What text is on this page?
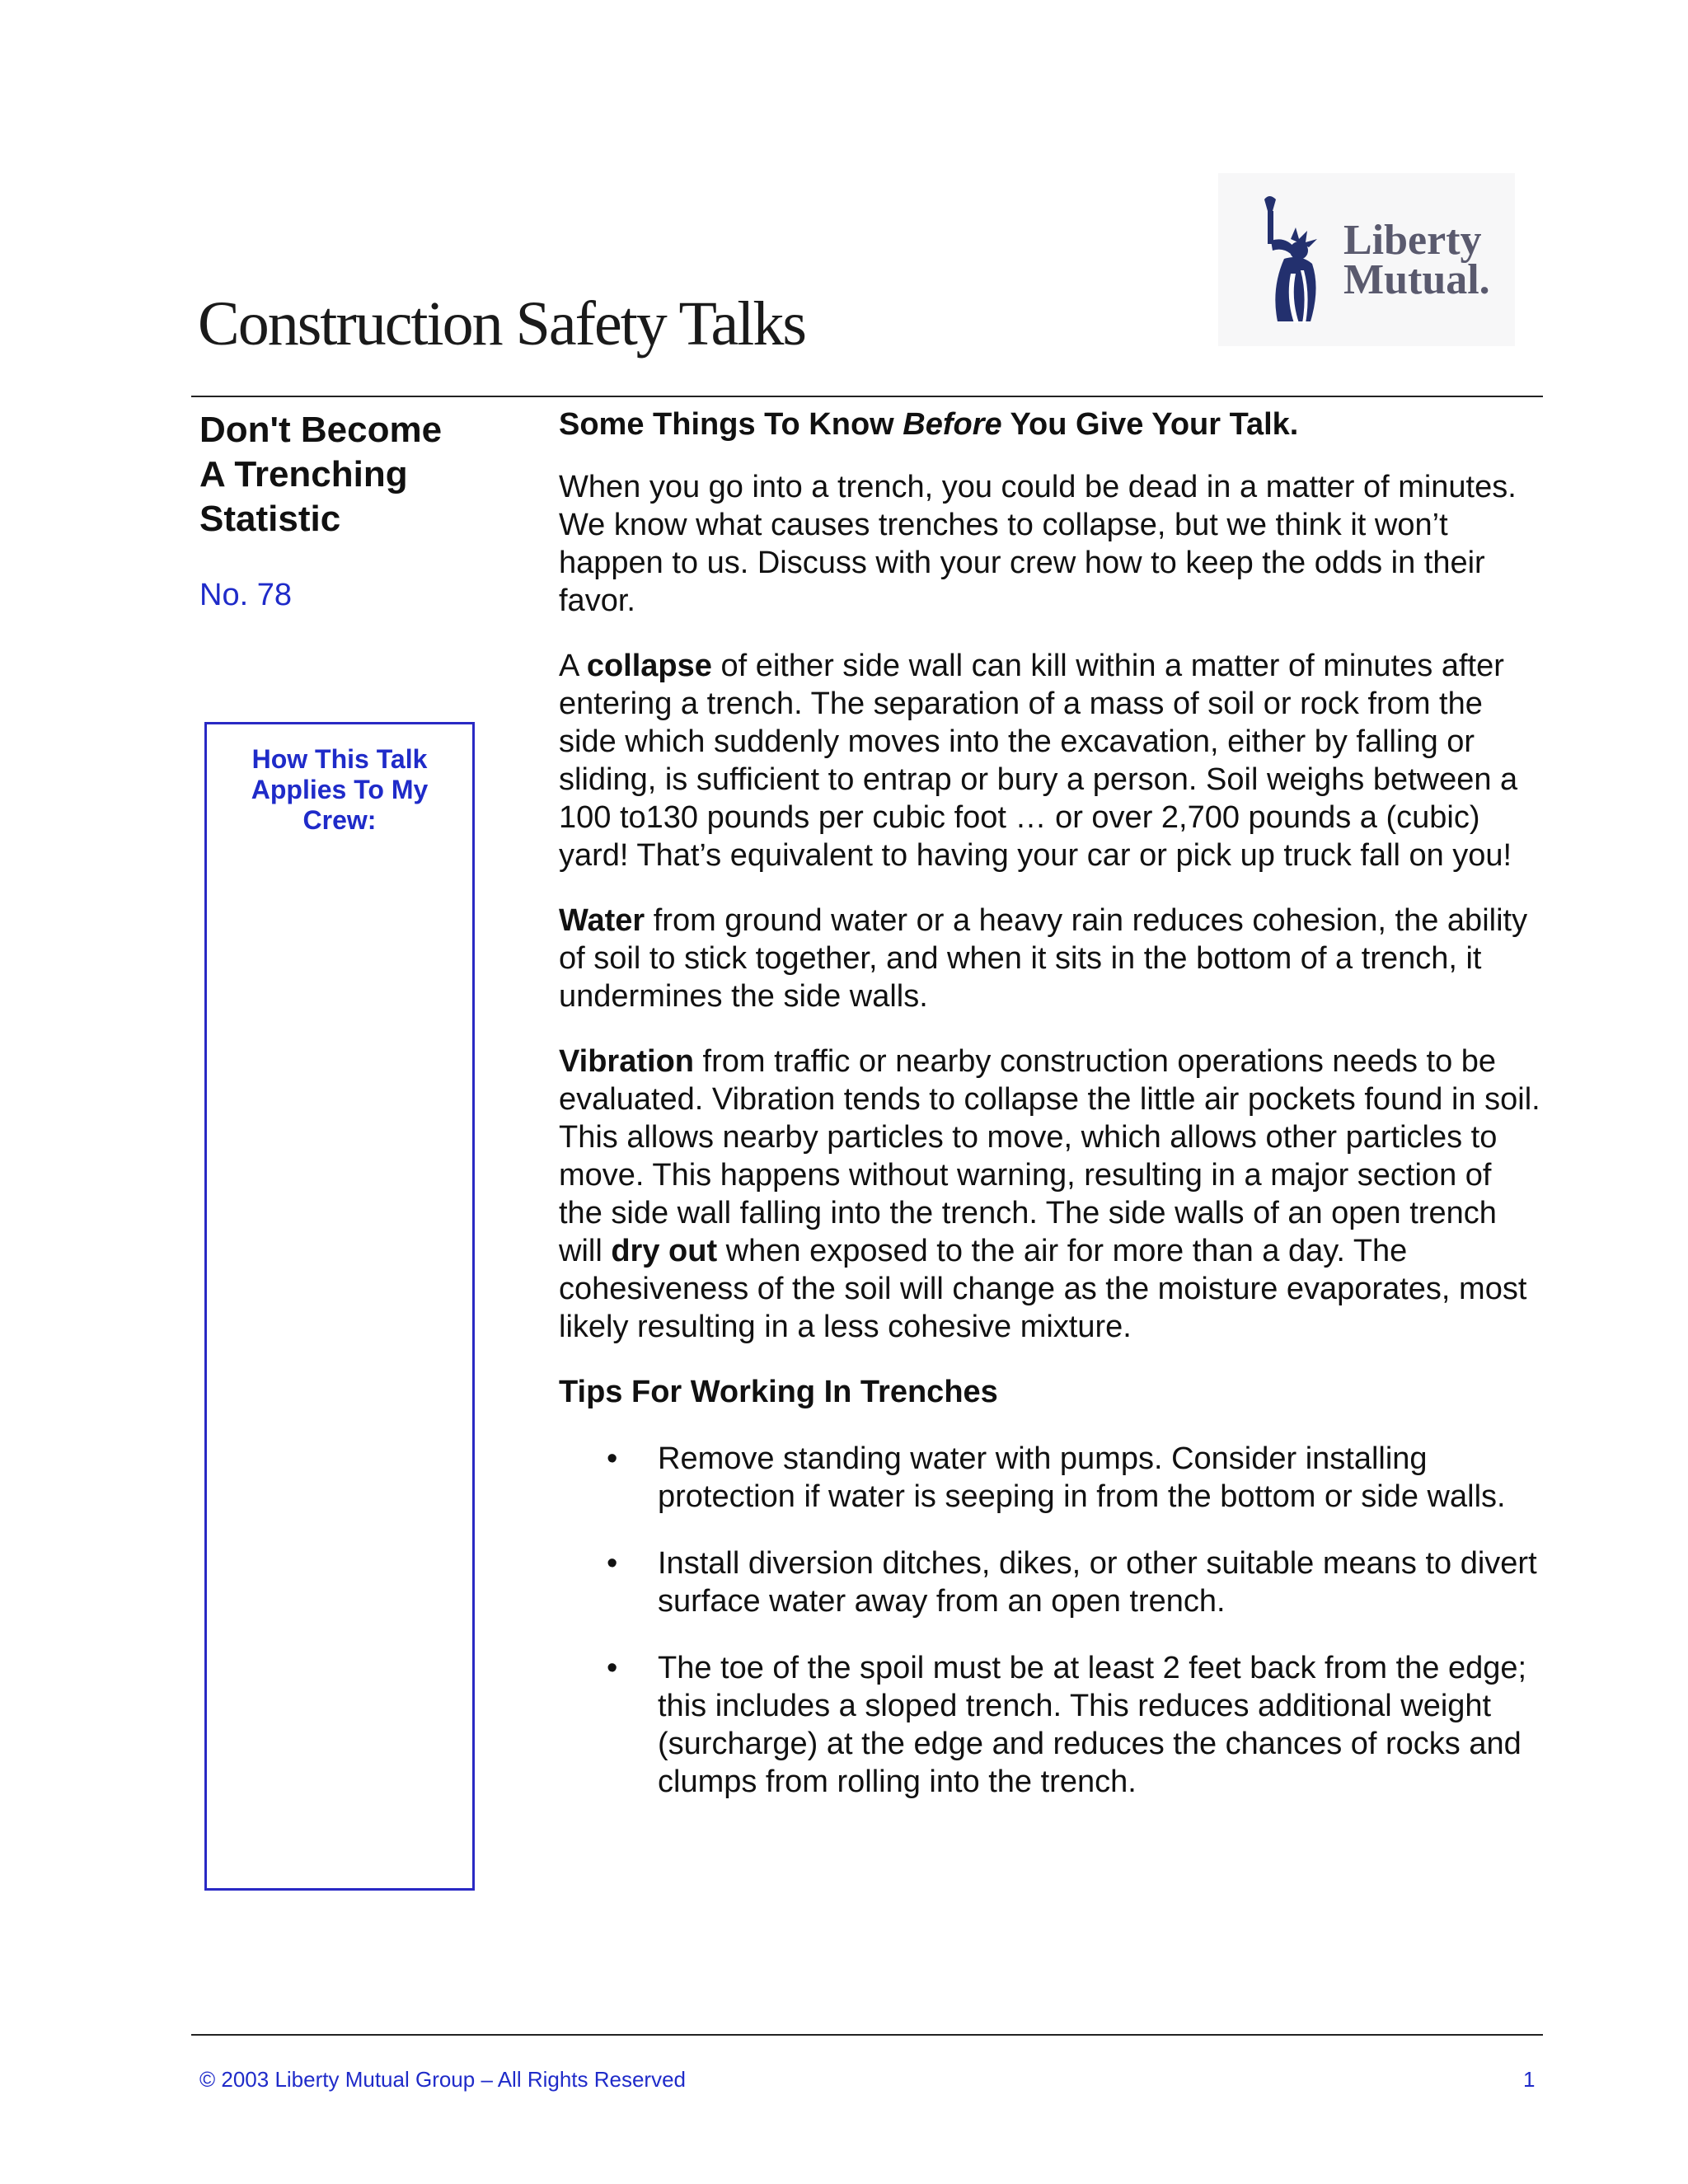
Liberty
Mutual.
Construction Safety Talks

Don't Become
A Trenching
Statistic

No. 78
How This Talk Applies To My Crew:
Some Things To Know Before You Give Your Talk.

When you go into a trench, you could be dead in a matter of minutes. We know what causes trenches to collapse, but we think it won’t happen to us. Discuss with your crew how to keep the odds in their favor.

A collapse of either side wall can kill within a matter of minutes after entering a trench. The separation of a mass of soil or rock from the side which suddenly moves into the excavation, either by falling or sliding, is sufficient to entrap or bury a person. Soil weighs between a 100 to130 pounds per cubic foot … or over 2,700 pounds a (cubic) yard! That’s equivalent to having your car or pick up truck fall on you!

Water from ground water or a heavy rain reduces cohesion, the ability of soil to stick together, and when it sits in the bottom of a trench, it undermines the side walls.

Vibration from traffic or nearby construction operations needs to be evaluated. Vibration tends to collapse the little air pockets found in soil. This allows nearby particles to move, which allows other particles to move. This happens without warning, resulting in a major section of the side wall falling into the trench. The side walls of an open trench will dry out when exposed to the air for more than a day. The cohesiveness of the soil will change as the moisture evaporates, most likely resulting in a less cohesive mixture.

Tips For Working In Trenches

• Remove standing water with pumps. Consider installing protection if water is seeping in from the bottom or side walls.
• Install diversion ditches, dikes, or other suitable means to divert surface water away from an open trench.
• The toe of the spoil must be at least 2 feet back from the edge; this includes a sloped trench. This reduces additional weight (surcharge) at the edge and reduces the chances of rocks and clumps from rolling into the trench.
© 2003 Liberty Mutual Group – All Rights Reserved	1
